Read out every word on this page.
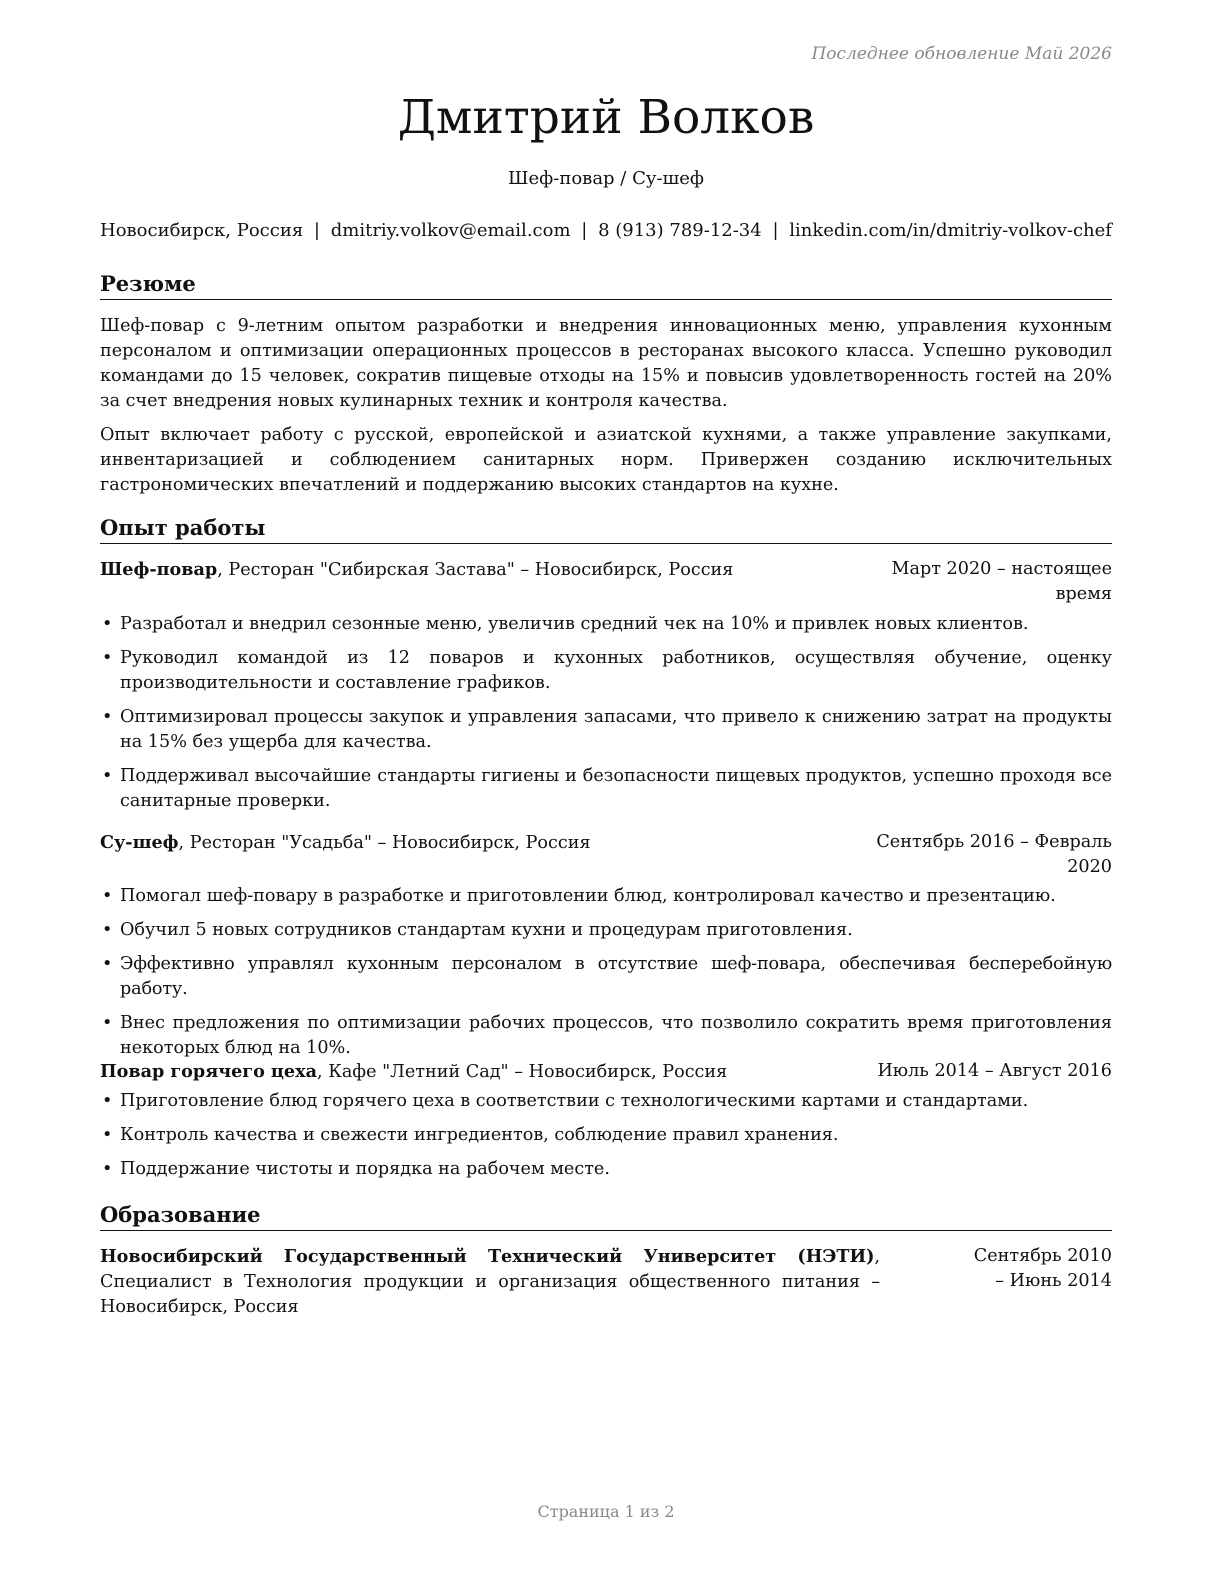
Последнее обновление Май 2026
Дмитрий Волков
Шеф-повар / Су-шеф
Новосибирск, Россия | dmitriy.volkov@email.com | 8 (913) 789-12-34 | linkedin.com/in/dmitriy-volkov-chef
Резюме
Шеф-повар с 9-летним опытом разработки и внедрения инновационных меню, управления кухонным персоналом и оптимизации операционных процессов в ресторанах высокого класса. Успешно руководил командами до 15 человек, сократив пищевые отходы на 15% и повысив удовлетворенность гостей на 20% за счет внедрения новых кулинарных техник и контроля качества.
Опыт включает работу с русской, европейской и азиатской кухнями, а также управление закупками, инвентаризацией и соблюдением санитарных норм. Привержен созданию исключительных гастрономических впечатлений и поддержанию высоких стандартов на кухне.
Опыт работы
Шеф-повар, Ресторан "Сибирская Застава" – Новосибирск, Россия	Март 2020 – настоящее время
• Разработал и внедрил сезонные меню, увеличив средний чек на 10% и привлек новых клиентов.
• Руководил командой из 12 поваров и кухонных работников, осуществляя обучение, оценку производительности и составление графиков.
• Оптимизировал процессы закупок и управления запасами, что привело к снижению затрат на продукты на 15% без ущерба для качества.
• Поддерживал высочайшие стандарты гигиены и безопасности пищевых продуктов, успешно проходя все санитарные проверки.
Су-шеф, Ресторан "Усадьба" – Новосибирск, Россия	Сентябрь 2016 – Февраль 2020
• Помогал шеф-повару в разработке и приготовлении блюд, контролировал качество и презентацию.
• Обучил 5 новых сотрудников стандартам кухни и процедурам приготовления.
• Эффективно управлял кухонным персоналом в отсутствие шеф-повара, обеспечивая бесперебойную работу.
• Внес предложения по оптимизации рабочих процессов, что позволило сократить время приготовления некоторых блюд на 10%.
Повар горячего цеха, Кафе "Летний Сад" – Новосибирск, Россия	Июль 2014 – Август 2016
• Приготовление блюд горячего цеха в соответствии с технологическими картами и стандартами.
• Контроль качества и свежести ингредиентов, соблюдение правил хранения.
• Поддержание чистоты и порядка на рабочем месте.
Образование
Новосибирский Государственный Технический Университет (НЭТИ), Специалист в Технология продукции и организация общественного питания – Новосибирск, Россия
Сентябрь 2010 – Июнь 2014
Страница 1 из 2
